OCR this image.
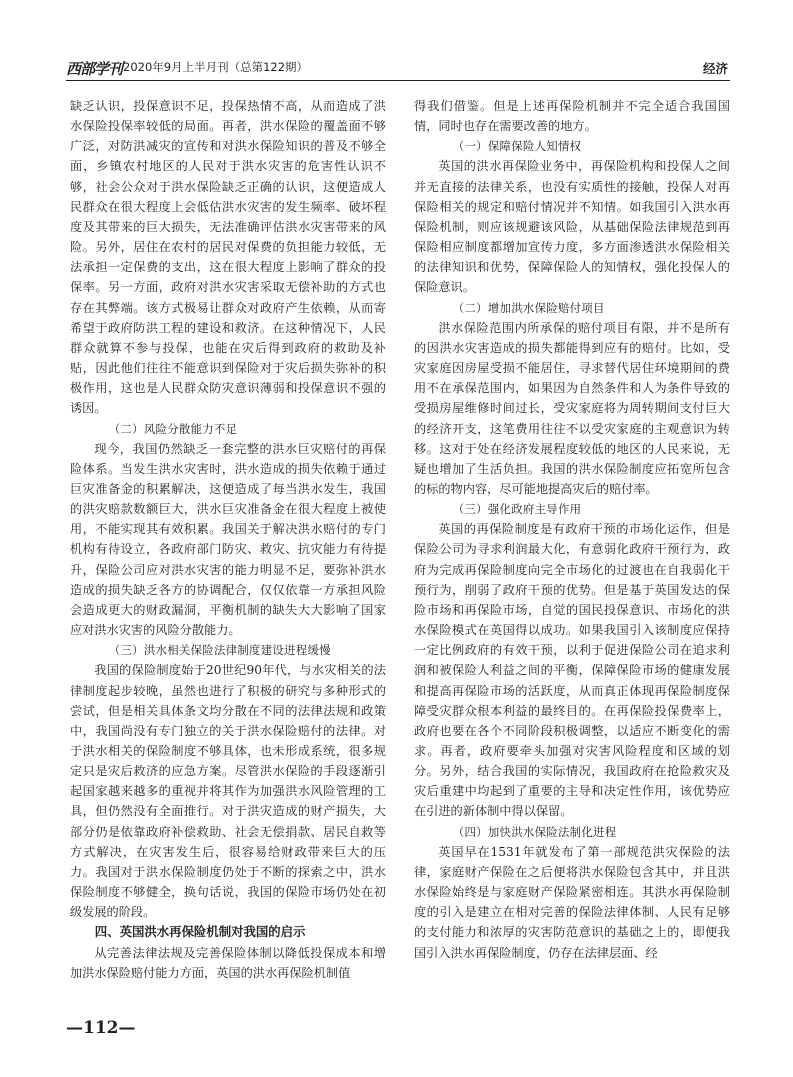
西部学刊 2020年9月上半月刊（总第122期）	经济

缺乏认识，投保意识不足，投保热情不高，从而造成了洪水保险投保率较低的局面。再者，洪水保险的覆盖面不够广泛，对防洪减灾的宣传和对洪水保险知识的普及不够全面，乡镇农村地区的人民对于洪水灾害的危害性认识不够，社会公众对于洪水保险缺乏正确的认识，这便造成人民群众在很大程度上会低估洪水灾害的发生频率、破坏程度及其带来的巨大损失，无法准确评估洪水灾害带来的风险。另外，居住在农村的居民对保费的负担能力较低，无法承担一定保费的支出，这在很大程度上影响了群众的投保率。另一方面，政府对洪水灾害采取无偿补助的方式也存在其弊端。该方式极易让群众对政府产生依赖，从而寄希望于政府防洪工程的建设和救济。在这种情况下，人民群众就算不参与投保，也能在灾后得到政府的救助及补贴，因此他们往往不能意识到保险对于灾后损失弥补的积极作用，这也是人民群众防灾意识薄弱和投保意识不强的诱因。

（二）风险分散能力不足

现今，我国仍然缺乏一套完整的洪水巨灾赔付的再保险体系。当发生洪水灾害时，洪水造成的损失依赖于通过巨灾准备金的积累解决，这便造成了每当洪水发生，我国的洪灾赔款数额巨大，洪水巨灾准备金在很大程度上被使用，不能实现其有效积累。我国关于解决洪水赔付的专门机构有待设立，各政府部门防灾、救灾、抗灾能力有待提升，保险公司应对洪水灾害的能力明显不足，要弥补洪水造成的损失缺乏各方的协调配合，仅仅依靠一方承担风险会造成更大的财政漏洞，平衡机制的缺失大大影响了国家应对洪水灾害的风险分散能力。

（三）洪水相关保险法律制度建设进程缓慢

我国的保险制度始于20世纪90年代，与水灾相关的法律制度起步较晚，虽然也进行了积极的研究与多种形式的尝试，但是相关具体条文均分散在不同的法律法规和政策中，我国尚没有专门独立的关于洪水保险赔付的法律。对于洪水相关的保险制度不够具体，也未形成系统，很多规定只是灾后救济的应急方案。尽管洪水保险的手段逐渐引起国家越来越多的重视并将其作为加强洪水风险管理的工具，但仍然没有全面推行。对于洪灾造成的财产损失，大部分仍是依靠政府补偿救助、社会无偿捐款、居民自救等方式解决，在灾害发生后，很容易给财政带来巨大的压力。我国对于洪水保险制度仍处于不断的探索之中，洪水保险制度不够健全，换句话说，我国的保险市场仍处在初级发展的阶段。

四、英国洪水再保险机制对我国的启示

从完善法律法规及完善保险体制以降低投保成本和增加洪水保险赔付能力方面，英国的洪水再保险机制值

得我们借鉴。但是上述再保险机制并不完全适合我国国情，同时也存在需要改善的地方。

（一）保障保险人知情权

英国的洪水再保险业务中，再保险机构和投保人之间并无直接的法律关系，也没有实质性的接触，投保人对再保险相关的规定和赔付情况并不知情。如我国引入洪水再保险机制，则应该规避该风险，从基础保险法律规范到再保险相应制度都增加宣传力度，多方面渗透洪水保险相关的法律知识和优势，保障保险人的知情权，强化投保人的保险意识。

（二）增加洪水保险赔付项目

洪水保险范围内所承保的赔付项目有限，并不是所有的因洪水灾害造成的损失都能得到应有的赔付。比如，受灾家庭因房屋受损不能居住，寻求替代居住环境期间的费用不在承保范围内，如果因为自然条件和人为条件导致的受损房屋维修时间过长，受灾家庭将为周转期间支付巨大的经济开支，这笔费用往往不以受灾家庭的主观意识为转移。这对于处在经济发展程度较低的地区的人民来说，无疑也增加了生活负担。我国的洪水保险制度应拓宽所包含的标的物内容，尽可能地提高灾后的赔付率。

（三）强化政府主导作用

英国的再保险制度是有政府干预的市场化运作，但是保险公司为寻求利润最大化，有意弱化政府干预行为，政府为完成再保险制度向完全市场化的过渡也在自我弱化干预行为，削弱了政府干预的优势。但是基于英国发达的保险市场和再保险市场，自觉的国民投保意识、市场化的洪水保险模式在英国得以成功。如果我国引入该制度应保持一定比例政府的有效干预，以利于促进保险公司在追求利润和被保险人利益之间的平衡，保障保险市场的健康发展和提高再保险市场的活跃度，从而真正体现再保险制度保障受灾群众根本利益的最终目的。在再保险投保费率上，政府也要在各个不同阶段积极调整，以适应不断变化的需求。再者，政府要牵头加强对灾害风险程度和区域的划分。另外，结合我国的实际情况，我国政府在抢险救灾及灾后重建中均起到了重要的主导和决定性作用，该优势应在引进的新体制中得以保留。

（四）加快洪水保险法制化进程

英国早在1531年就发布了第一部规范洪灾保险的法律，家庭财产保险在之后便将洪水保险包含其中，并且洪水保险始终是与家庭财产保险紧密相连。其洪水再保险制度的引入是建立在相对完善的保险法律体制、人民有足够的支付能力和浓厚的灾害防范意识的基础之上的，即便我国引入洪水再保险制度，仍存在法律层面、经

—112—
